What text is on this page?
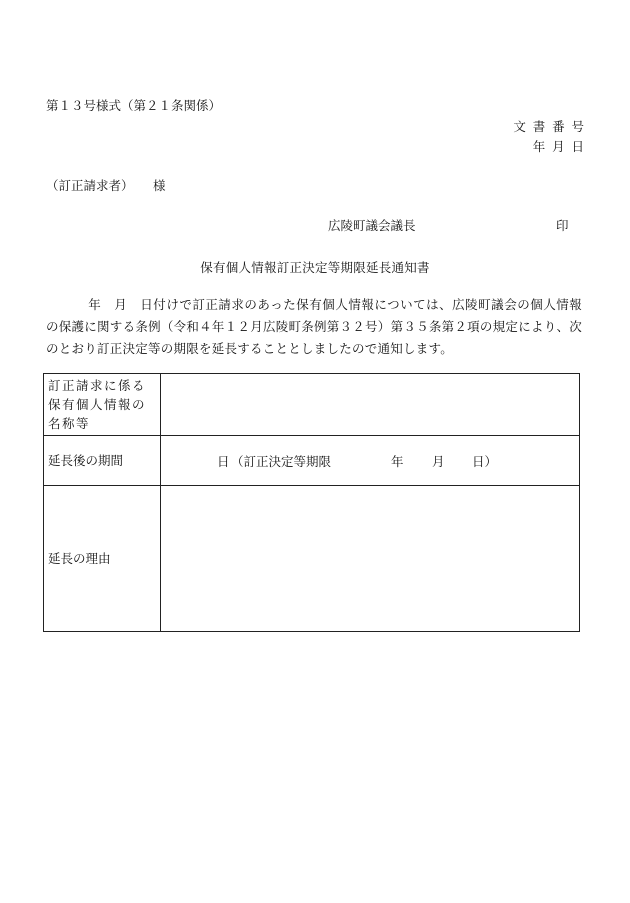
第１３号様式（第２１条関係）
文書番号
年月日
（訂正請求者） 様
広陵町議会議長	印
保有個人情報訂正決定等期限延長通知書
年　月　日付けで訂正請求のあった保有個人情報については、広陵町議会の個人情報の保護に関する条例（令和４年１２月広陵町条例第３２号）第３５条第２項の規定により、次のとおり訂正決定等の期限を延長することとしましたので通知します。
訂正請求に係る保有個人情報の名称等	
延長後の期間	日 （訂正決定等期限 年 月 日）

延長の理由	
